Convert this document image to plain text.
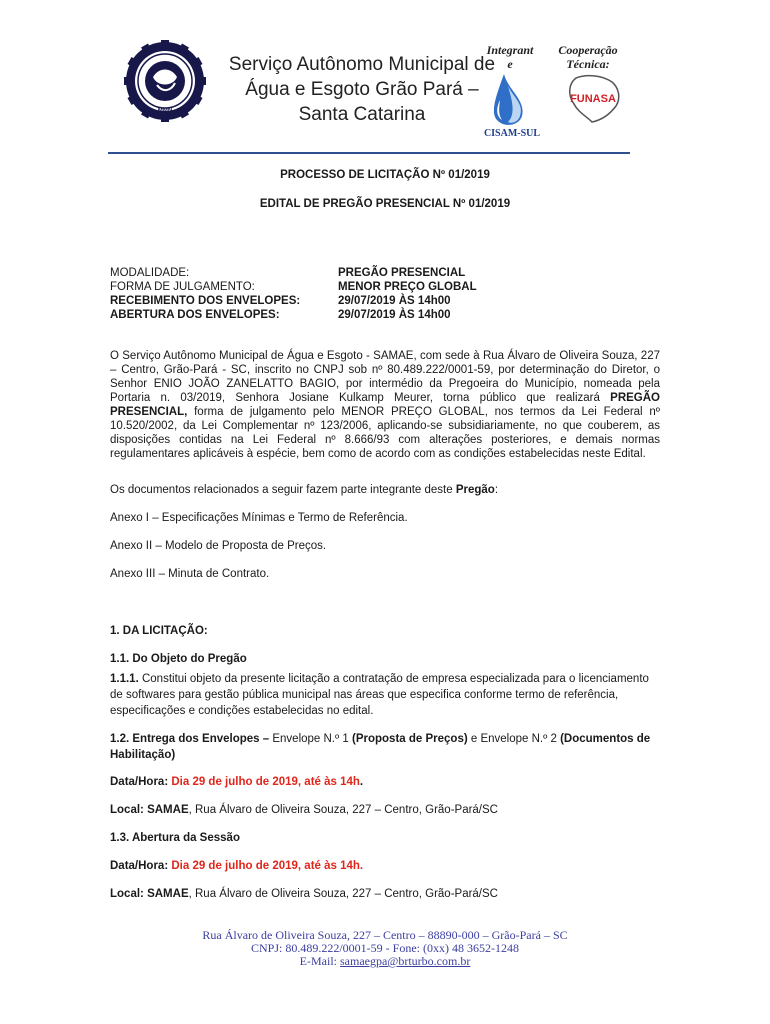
MMN
Serviço Autônomo Municipal de
Água e Esgoto Grão Pará –
Santa Catarina
Integrant
e
CISAM-SUL
Cooperação
Técnica:
FUNASA
PROCESSO DE LICITAÇÃO Nº 01/2019
EDITAL DE PREGÃO PRESENCIAL Nº 01/2019
MODALIDADE:	PREGÃO PRESENCIAL
FORMA DE JULGAMENTO:	MENOR PREÇO GLOBAL
RECEBIMENTO DOS ENVELOPES:	29/07/2019 ÀS 14h00
ABERTURA DOS ENVELOPES:	29/07/2019 ÀS 14h00
O Serviço Autônomo Municipal de Água e Esgoto - SAMAE, com sede à Rua Álvaro de Oliveira Souza, 227 – Centro, Grão-Pará - SC, inscrito no CNPJ sob nº 80.489.222/0001-59, por determinação do Diretor, o Senhor ENIO JOÃO ZANELATTO BAGIO, por intermédio da Pregoeira do Município, nomeada pela Portaria n. 03/2019, Senhora Josiane Kulkamp Meurer, torna público que realizará PREGÃO PRESENCIAL, forma de julgamento pelo MENOR PREÇO GLOBAL, nos termos da Lei Federal nº 10.520/2002, da Lei Complementar nº 123/2006, aplicando-se subsidiariamente, no que couberem, as disposições contidas na Lei Federal nº 8.666/93 com alterações posteriores, e demais normas regulamentares aplicáveis à espécie, bem como de acordo com as condições estabelecidas neste Edital.
Os documentos relacionados a seguir fazem parte integrante deste Pregão:
Anexo I – Especificações Mínimas e Termo de Referência.
Anexo II – Modelo de Proposta de Preços.
Anexo III – Minuta de Contrato.
1. DA LICITAÇÃO:
1.1. Do Objeto do Pregão
1.1.1. Constitui objeto da presente licitação a contratação de empresa especializada para o licenciamento de softwares para gestão pública municipal nas áreas que especifica conforme termo de referência, especificações e condições estabelecidas no edital.
1.2. Entrega dos Envelopes – Envelope N.º 1 (Proposta de Preços) e Envelope N.º 2 (Documentos de Habilitação)
Data/Hora: Dia 29 de julho de 2019, até às 14h.
Local: SAMAE, Rua Álvaro de Oliveira Souza, 227 – Centro, Grão-Pará/SC
1.3. Abertura da Sessão
Data/Hora: Dia 29 de julho de 2019, até às 14h.
Local: SAMAE, Rua Álvaro de Oliveira Souza, 227 – Centro, Grão-Pará/SC
Rua Álvaro de Oliveira Souza, 227 – Centro – 88890-000 – Grão-Pará – SC
CNPJ: 80.489.222/0001-59 - Fone: (0xx) 48 3652-1248
E-Mail: samaegpa@brturbo.com.br
